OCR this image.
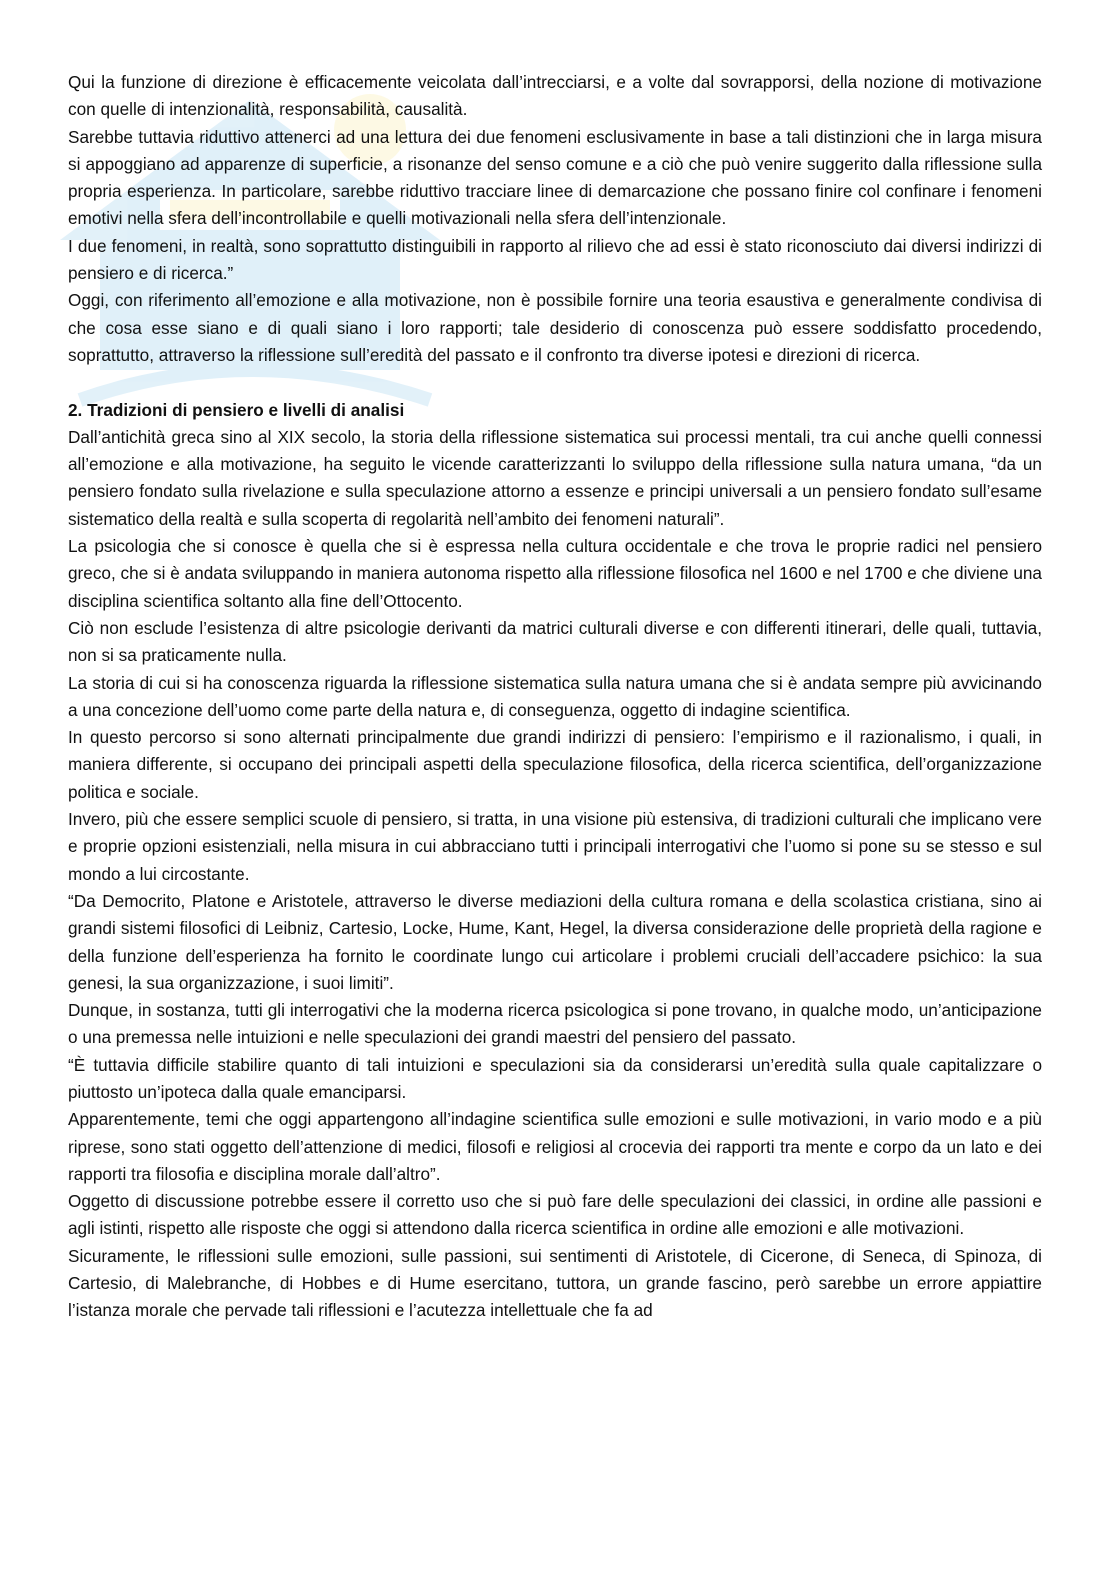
Qui la funzione di direzione è efficacemente veicolata dall’intrecciarsi, e a volte dal sovrapporsi, della nozione di motivazione con quelle di intenzionalità, responsabilità, causalità.

Sarebbe tuttavia riduttivo attenerci ad una lettura dei due fenomeni esclusivamente in base a tali distinzioni che in larga misura si appoggiano ad apparenze di superficie, a risonanze del senso comune e a ciò che può venire suggerito dalla riflessione sulla propria esperienza. In particolare, sarebbe riduttivo tracciare linee di demarcazione che possano finire col confinare i fenomeni emotivi nella sfera dell’incontrollabile e quelli motivazionali nella sfera dell’intenzionale.

I due fenomeni, in realtà, sono soprattutto distinguibili in rapporto al rilievo che ad essi è stato riconosciuto dai diversi indirizzi di pensiero e di ricerca.”

Oggi, con riferimento all’emozione e alla motivazione, non è possibile fornire una teoria esaustiva e generalmente condivisa di che cosa esse siano e di quali siano i loro rapporti; tale desiderio di conoscenza può essere soddisfatto procedendo, soprattutto, attraverso la riflessione sull’eredità del passato e il confronto tra diverse ipotesi e direzioni di ricerca.

2. Tradizioni di pensiero e livelli di analisi

Dall’antichità greca sino al XIX secolo, la storia della riflessione sistematica sui processi mentali, tra cui anche quelli connessi all’emozione e alla motivazione, ha seguito le vicende caratterizzanti lo sviluppo della riflessione sulla natura umana, “da un pensiero fondato sulla rivelazione e sulla speculazione attorno a essenze e principi universali a un pensiero fondato sull’esame sistematico della realtà e sulla scoperta di regolarità nell’ambito dei fenomeni naturali”.

La psicologia che si conosce è quella che si è espressa nella cultura occidentale e che trova le proprie radici nel pensiero greco, che si è andata sviluppando in maniera autonoma rispetto alla riflessione filosofica nel 1600 e nel 1700 e che diviene una disciplina scientifica soltanto alla fine dell’Ottocento.

Ciò non esclude l’esistenza di altre psicologie derivanti da matrici culturali diverse e con differenti itinerari, delle quali, tuttavia, non si sa praticamente nulla.

La storia di cui si ha conoscenza riguarda la riflessione sistematica sulla natura umana che si è andata sempre più avvicinando a una concezione dell’uomo come parte della natura e, di conseguenza, oggetto di indagine scientifica.

In questo percorso si sono alternati principalmente due grandi indirizzi di pensiero: l’empirismo e il razionalismo, i quali, in maniera differente, si occupano dei principali aspetti della speculazione filosofica, della ricerca scientifica, dell’organizzazione politica e sociale.

Invero, più che essere semplici scuole di pensiero, si tratta, in una visione più estensiva, di tradizioni culturali che implicano vere e proprie opzioni esistenziali, nella misura in cui abbracciano tutti i principali interrogativi che l’uomo si pone su se stesso e sul mondo a lui circostante.

“Da Democrito, Platone e Aristotele, attraverso le diverse mediazioni della cultura romana e della scolastica cristiana, sino ai grandi sistemi filosofici di Leibniz, Cartesio, Locke, Hume, Kant, Hegel, la diversa considerazione delle proprietà della ragione e della funzione dell’esperienza ha fornito le coordinate lungo cui articolare i problemi cruciali dell’accadere psichico: la sua genesi, la sua organizzazione, i suoi limiti”.

Dunque, in sostanza, tutti gli interrogativi che la moderna ricerca psicologica si pone trovano, in qualche modo, un’anticipazione o una premessa nelle intuizioni e nelle speculazioni dei grandi maestri del pensiero del passato.

“È tuttavia difficile stabilire quanto di tali intuizioni e speculazioni sia da considerarsi un’eredità sulla quale capitalizzare o piuttosto un’ipoteca dalla quale emanciparsi.

Apparentemente, temi che oggi appartengono all’indagine scientifica sulle emozioni e sulle motivazioni, in vario modo e a più riprese, sono stati oggetto dell’attenzione di medici, filosofi e religiosi al crocevia dei rapporti tra mente e corpo da un lato e dei rapporti tra filosofia e disciplina morale dall’altro”.

Oggetto di discussione potrebbe essere il corretto uso che si può fare delle speculazioni dei classici, in ordine alle passioni e agli istinti, rispetto alle risposte che oggi si attendono dalla ricerca scientifica in ordine alle emozioni e alle motivazioni.

Sicuramente, le riflessioni sulle emozioni, sulle passioni, sui sentimenti di Aristotele, di Cicerone, di Seneca, di Spinoza, di Cartesio, di Malebranche, di Hobbes e di Hume esercitano, tuttora, un grande fascino, però sarebbe un errore appiattire l’istanza morale che pervade tali riflessioni e l’acutezza intellettuale che fa ad
